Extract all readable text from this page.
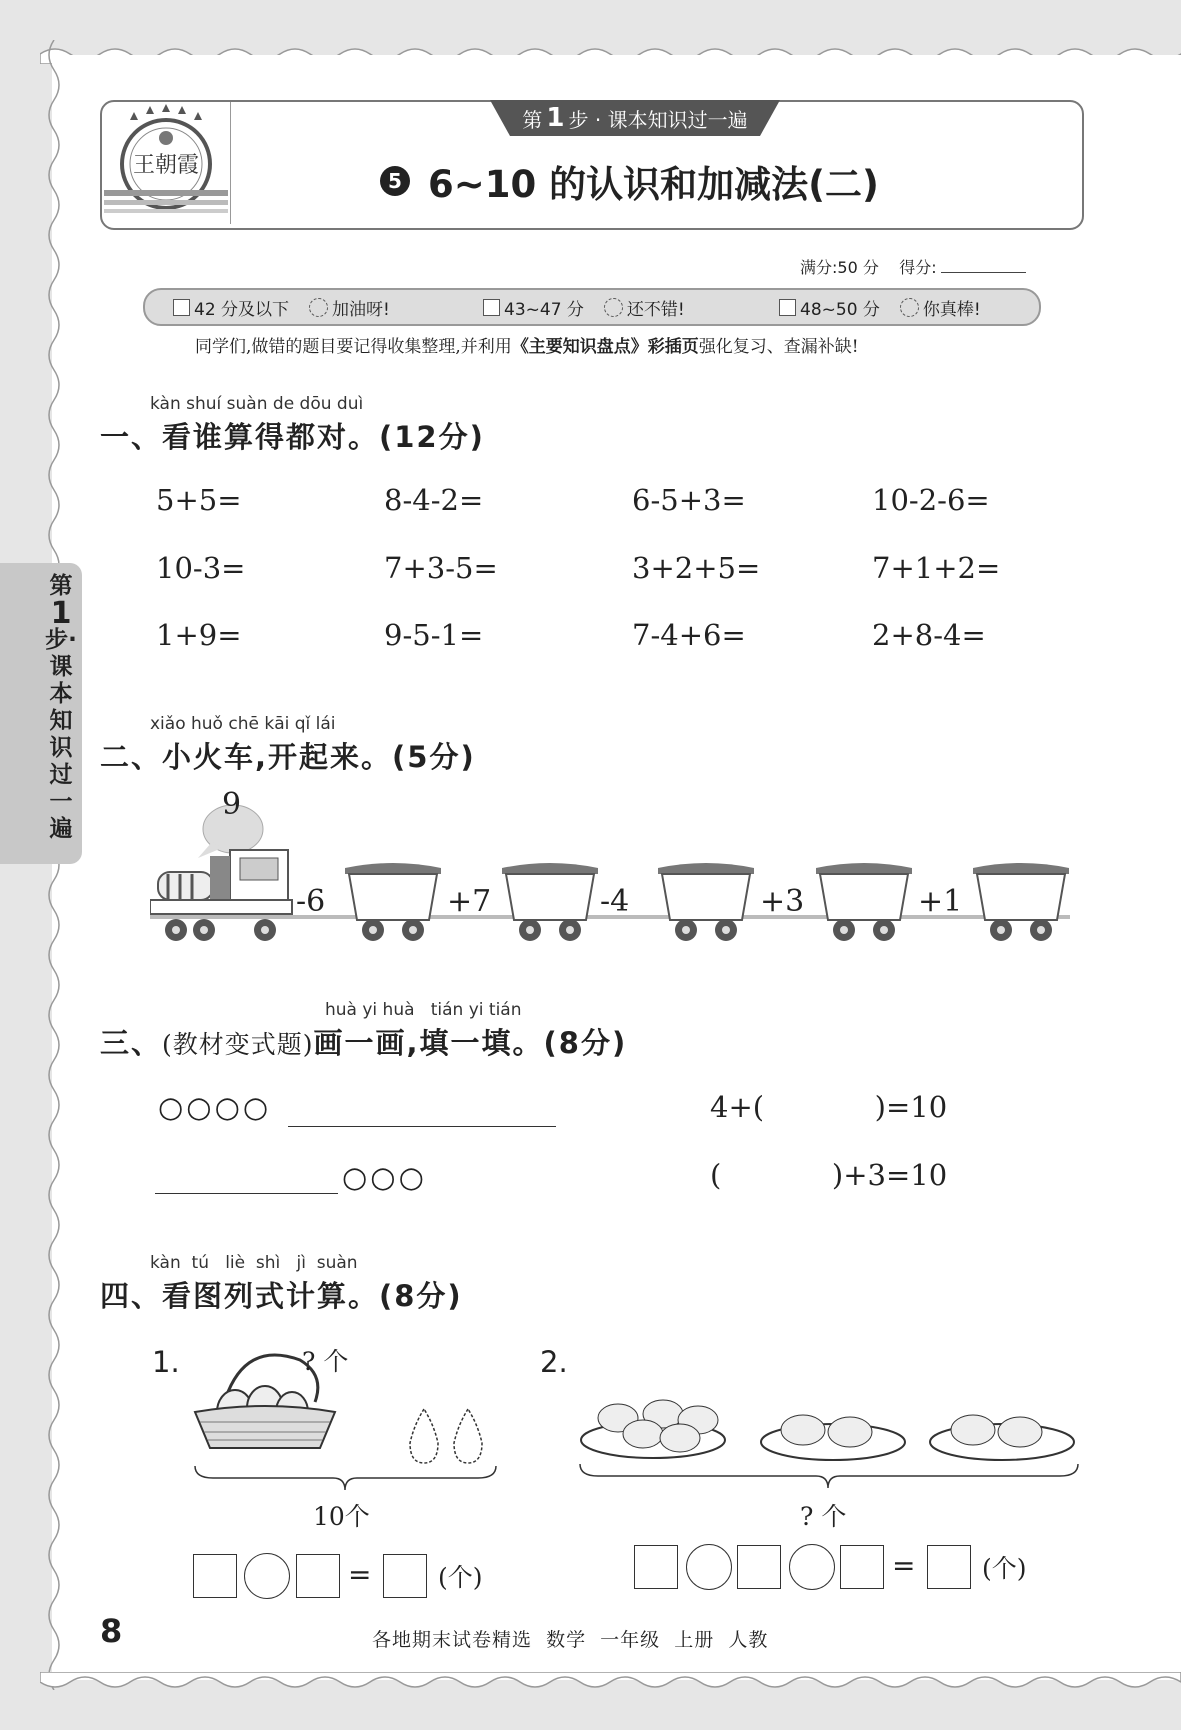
王朝霞
第 1 步 · 课本知识过一遍
5 6~10 的认识和加减法(二)
满分:50 分 得分:
42 分及以下	加油呀!	43~47 分	还不错!	48~50 分	你真棒!
同学们,做错的题目要记得收集整理,并利用《主要知识盘点》彩插页强化复习、查漏补缺!
第
1
步·课本知识过一遍
kàn shuí suàn de dōu duì
一、看谁算得都对。(12分)
5+5=	8-4-2=	6-5+3=	10-2-6=
10-3=	7+3-5=	3+2+5=	7+1+2=
1+9=	9-5-1=	7-4+6=	2+8-4=
xiǎo huǒ chē kāi qǐ lái
二、小火车,开起来。(5分)
9
-6	+7	-4	+3	+1
huà yi huà   tián yi tián
三、(教材变式题)画一画,填一填。(8分)
○○○○
○○○
4+(            )=10
(            )+3=10
kàn  tú   liè  shì   jì  suàn
四、看图列式计算。(8分)
1.	? 个
10个
=	(个)
2.
? 个
=	(个)
8	各地期末试卷精选  数学  一年级  上册  人教
